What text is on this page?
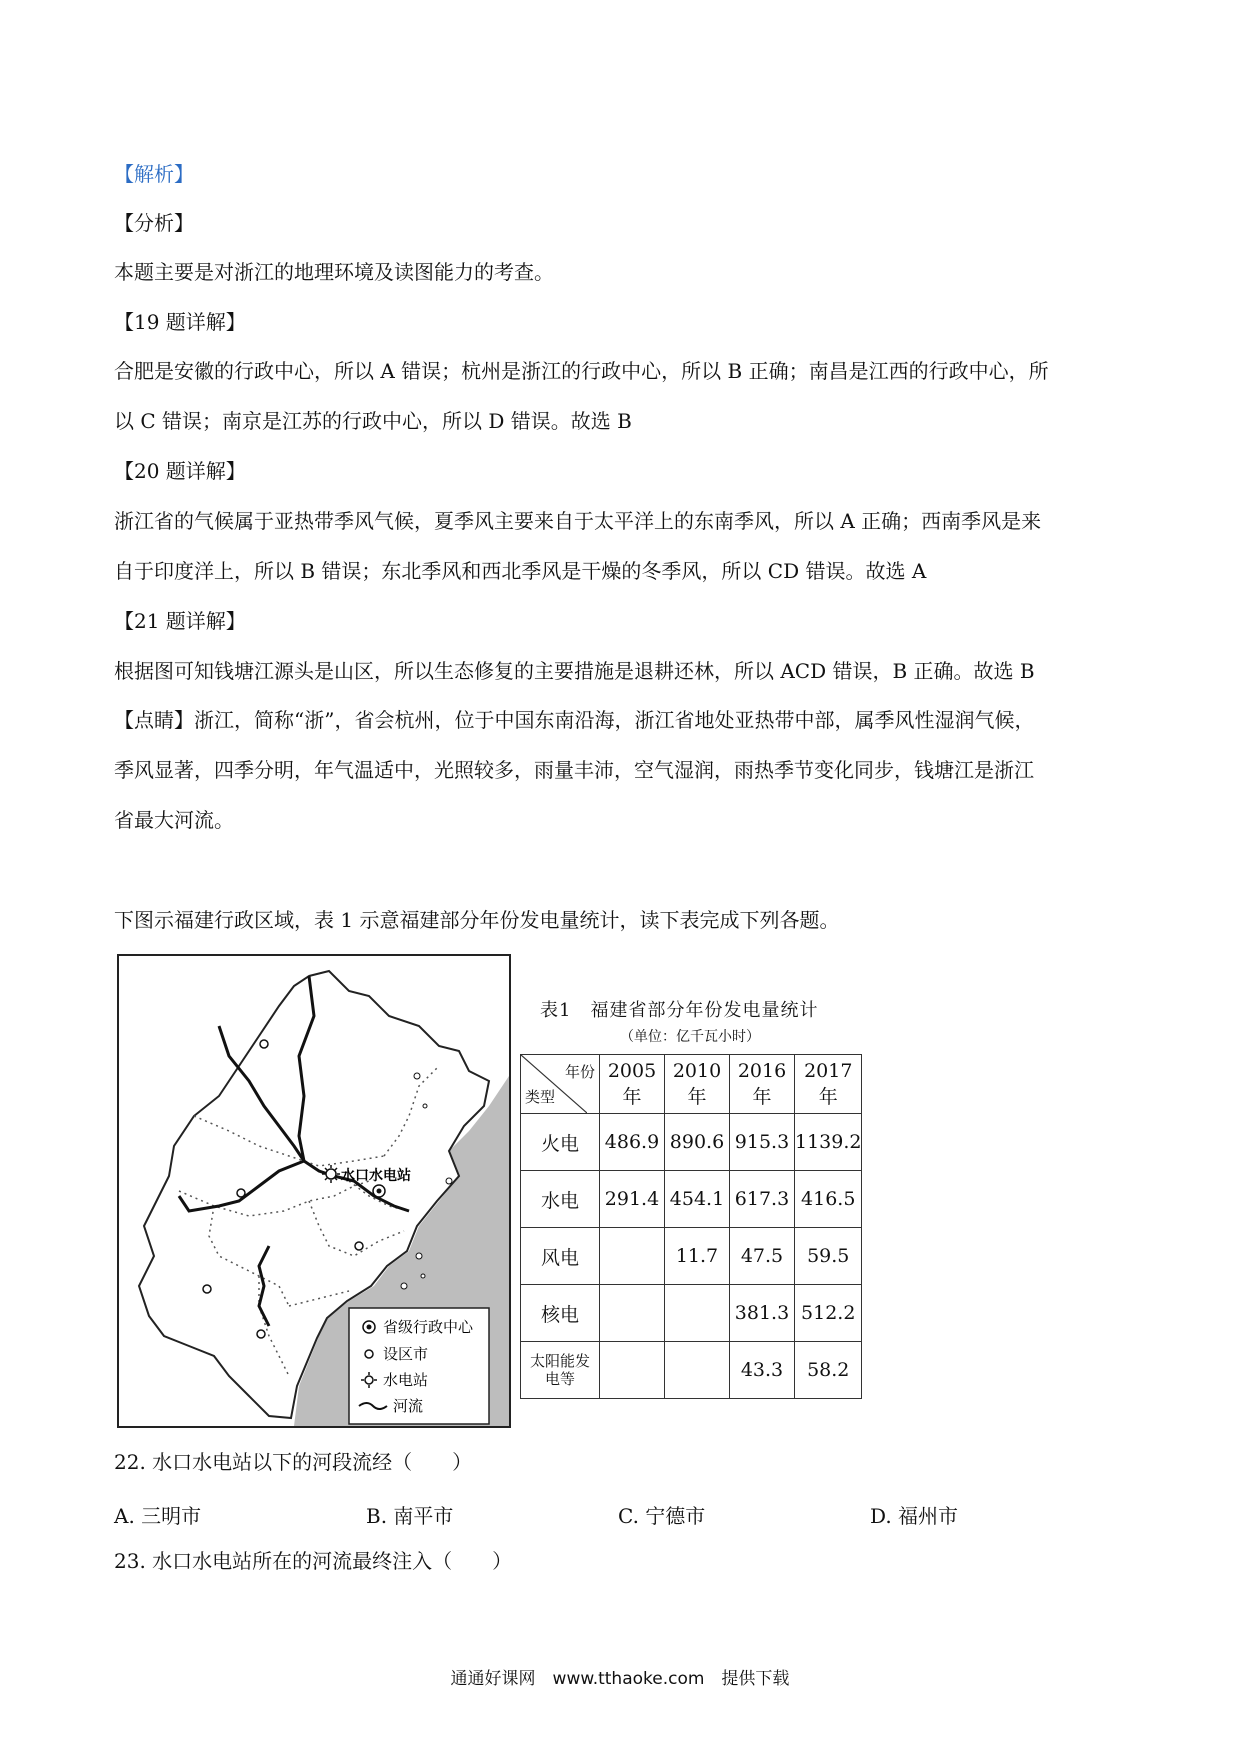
【解析】

【分析】

本题主要是对浙江的地理环境及读图能力的考查。

【19 题详解】

合肥是安徽的行政中心，所以 A 错误；杭州是浙江的行政中心，所以 B 正确；南昌是江西的行政中心，所

以 C 错误；南京是江苏的行政中心，所以 D 错误。故选 B

【20 题详解】

浙江省的气候属于亚热带季风气候，夏季风主要来自于太平洋上的东南季风，所以 A 正确；西南季风是来

自于印度洋上，所以 B 错误；东北季风和西北季风是干燥的冬季风，所以 CD 错误。故选 A

【21 题详解】

根据图可知钱塘江源头是山区，所以生态修复的主要措施是退耕还林，所以 ACD 错误，B 正确。故选 B

【点睛】浙江，简称“浙”，省会杭州，位于中国东南沿海，浙江省地处亚热带中部，属季风性湿润气候，

季风显著，四季分明，年气温适中，光照较多，雨量丰沛，空气湿润，雨热季节变化同步，钱塘江是浙江

省最大河流。

下图示福建行政区域，表 1 示意福建部分年份发电量统计，读下表完成下列各题。

水口水电站
省级行政中心
设区市
水电站
河流
表1　福建省部分年份发电量统计
（单位：亿千瓦小时）
年份
类型	2005年	2010年	2016年	2017年
火电	486.9	890.6	915.3	1139.2
水电	291.4	454.1	617.3	416.5
风电		11.7	47.5	59.5
核电			381.3	512.2
太阳能发电等			43.3	58.2

22. 水口水电站以下的河段流经（　　）

A. 三明市	B. 南平市	C. 宁德市	D. 福州市

23. 水口水电站所在的河流最终注入（　　）

通通好课网　www.tthaoke.com　提供下载
